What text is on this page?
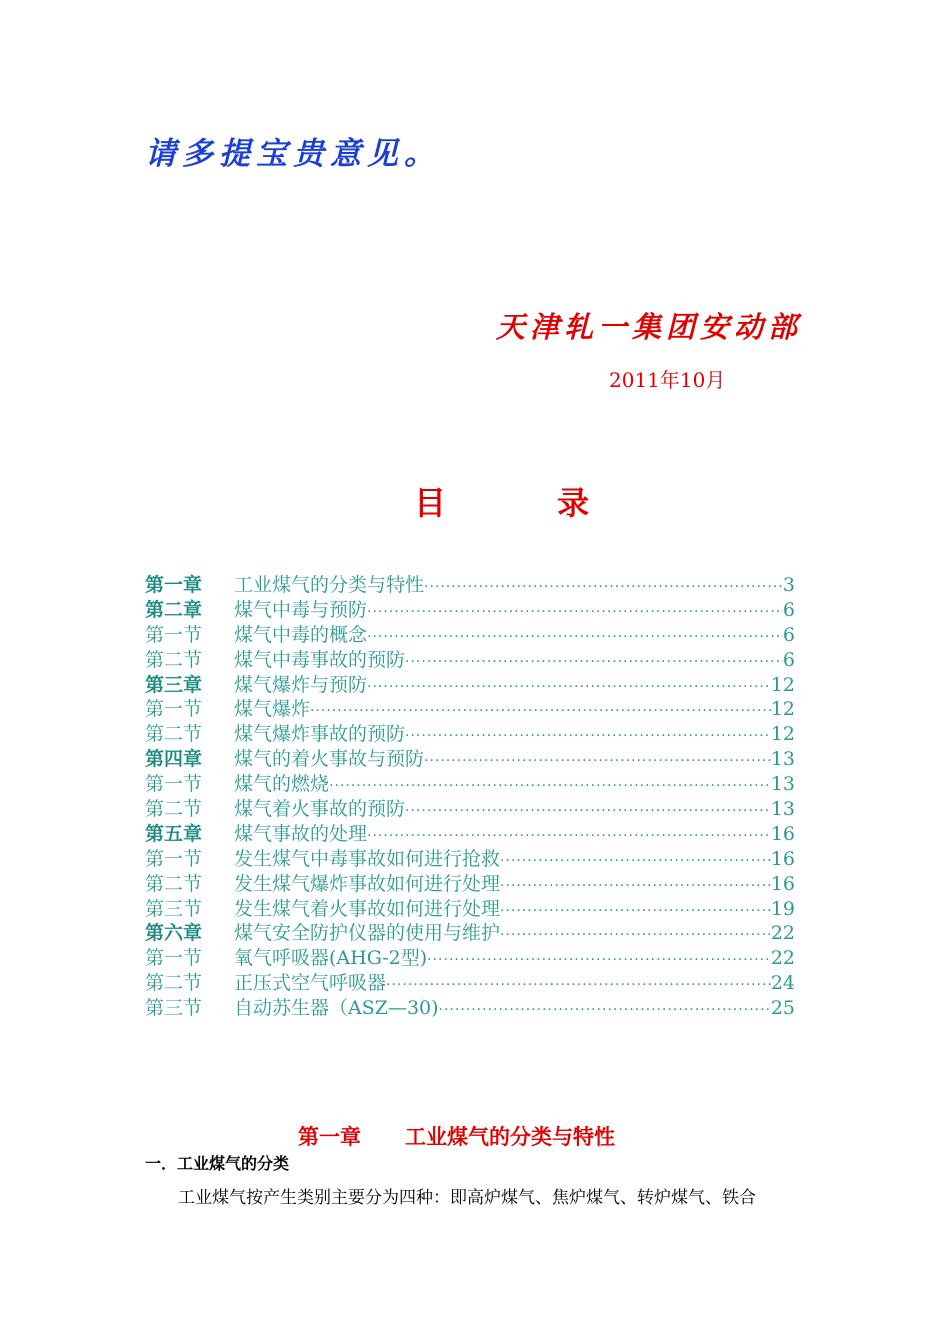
请多提宝贵意见。

天津轧一集团安动部

2011年10月

目 录
第一章	工业煤气的分类与特性 ·····	3
第二章	煤气中毒与预防 ·····	6
第一节	煤气中毒的概念 ·····	6
第二节	煤气中毒事故的预防 ·····	6
第三章	煤气爆炸与预防 ·····	12
第一节	煤气爆炸 ·····	12
第二节	煤气爆炸事故的预防 ·····	12
第四章	煤气的着火事故与预防 ·····	13
第一节	煤气的燃烧 ·····	13
第二节	煤气着火事故的预防 ·····	13
第五章	煤气事故的处理 ·····	16
第一节	发生煤气中毒事故如何进行抢救 ·····	16
第二节	发生煤气爆炸事故如何进行处理 ·····	16
第三节	发生煤气着火事故如何进行处理 ·····	19
第六章	煤气安全防护仪器的使用与维护 ·····	22
第一节	氧气呼吸器(AHG-2型) ·····	22
第二节	正压式空气呼吸器 ·····	24
第三节	自动苏生器（ASZ—30) ·····	25
第一章 工业煤气的分类与特性
一．工业煤气的分类

工业煤气按产生类别主要分为四种：即高炉煤气、焦炉煤气、转炉煤气、铁合
